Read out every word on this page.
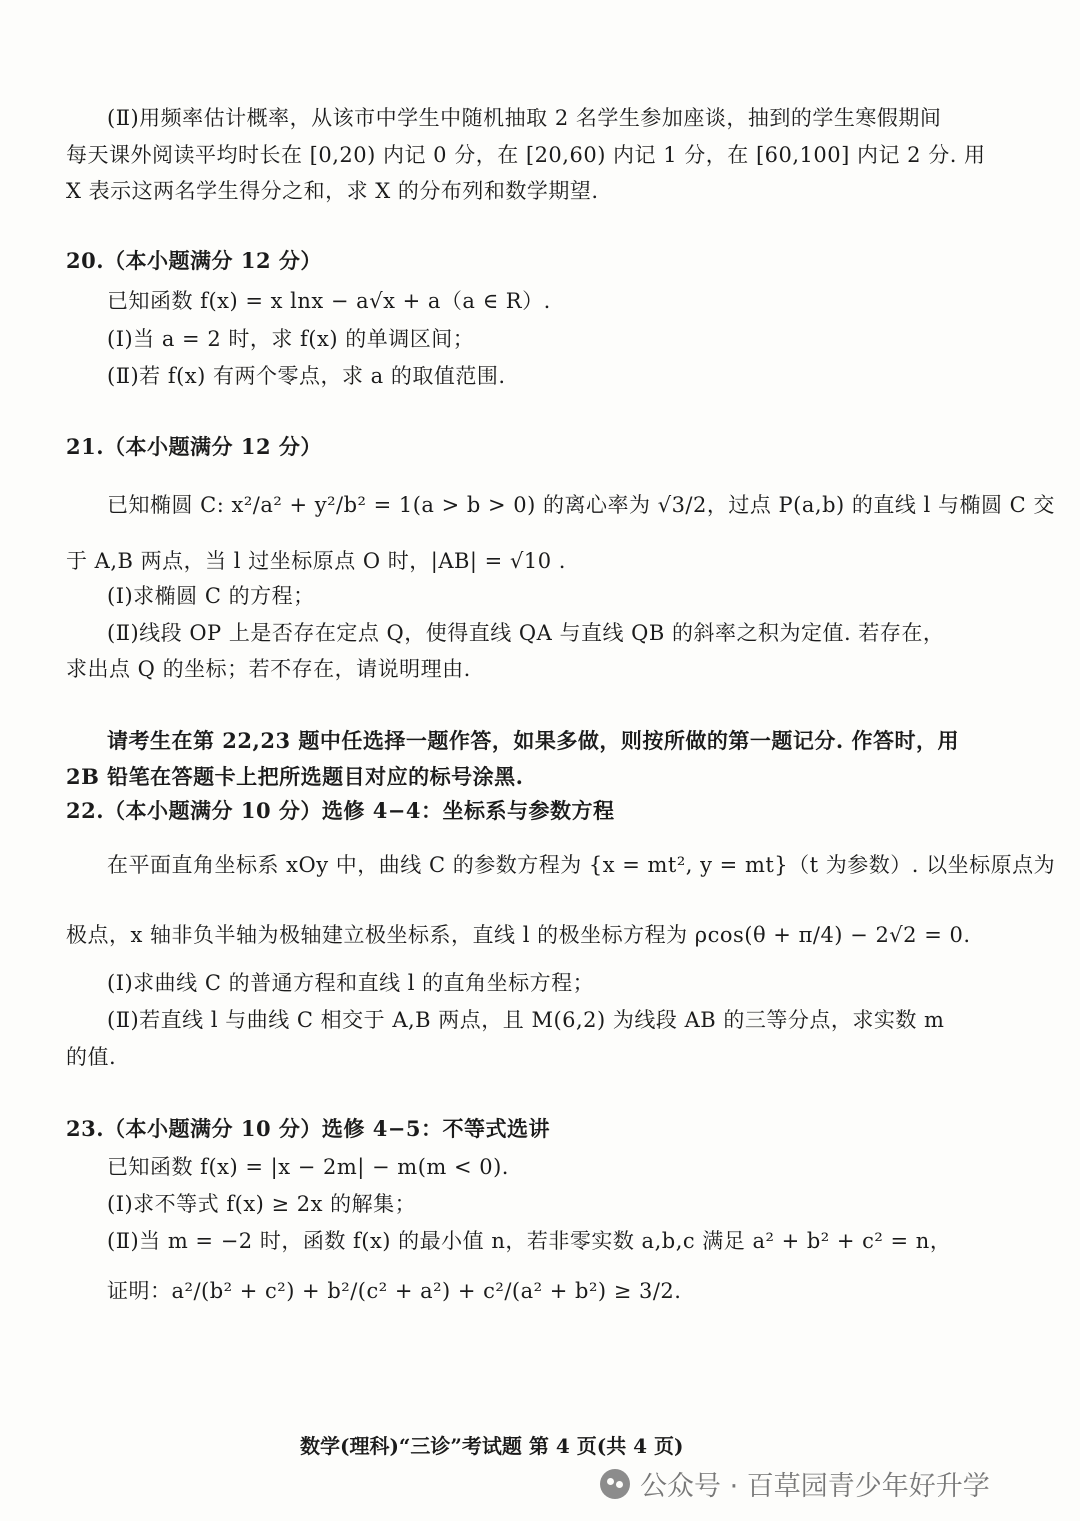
(Ⅱ)用频率估计概率，从该市中学生中随机抽取 2 名学生参加座谈，抽到的学生寒假期间
每天课外阅读平均时长在 [0,20) 内记 0 分，在 [20,60) 内记 1 分，在 [60,100] 内记 2 分. 用
X 表示这两名学生得分之和，求 X 的分布列和数学期望.
20.（本小题满分 12 分）
已知函数 f(x) = x lnx − a√x + a（a ∈ R）.
(Ⅰ)当 a = 2 时，求 f(x) 的单调区间；
(Ⅱ)若 f(x) 有两个零点，求 a 的取值范围.
21.（本小题满分 12 分）
已知椭圆 C: x²/a² + y²/b² = 1(a > b > 0) 的离心率为 √3/2，过点 P(a,b) 的直线 l 与椭圆 C 交
于 A,B 两点，当 l 过坐标原点 O 时，|AB| = √10 .
(Ⅰ)求椭圆 C 的方程；
(Ⅱ)线段 OP 上是否存在定点 Q，使得直线 QA 与直线 QB 的斜率之积为定值. 若存在，
求出点 Q 的坐标；若不存在，请说明理由.
请考生在第 22,23 题中任选择一题作答，如果多做，则按所做的第一题记分. 作答时，用
2B 铅笔在答题卡上把所选题目对应的标号涂黑.
22.（本小题满分 10 分）选修 4−4：坐标系与参数方程
在平面直角坐标系 xOy 中，曲线 C 的参数方程为 {x = mt², y = mt}（t 为参数）. 以坐标原点为
极点，x 轴非负半轴为极轴建立极坐标系，直线 l 的极坐标方程为 ρcos(θ + π/4) − 2√2 = 0.
(Ⅰ)求曲线 C 的普通方程和直线 l 的直角坐标方程；
(Ⅱ)若直线 l 与曲线 C 相交于 A,B 两点，且 M(6,2) 为线段 AB 的三等分点，求实数 m
的值.
23.（本小题满分 10 分）选修 4−5：不等式选讲
已知函数 f(x) = |x − 2m| − m(m < 0).
(Ⅰ)求不等式 f(x) ≥ 2x 的解集；
(Ⅱ)当 m = −2 时，函数 f(x) 的最小值 n，若非零实数 a,b,c 满足 a² + b² + c² = n，
证明：a²/(b² + c²) + b²/(c² + a²) + c²/(a² + b²) ≥ 3/2.
数学(理科)“三诊”考试题 第 4 页(共 4 页)
公众号 · 百草园青少年好升学
